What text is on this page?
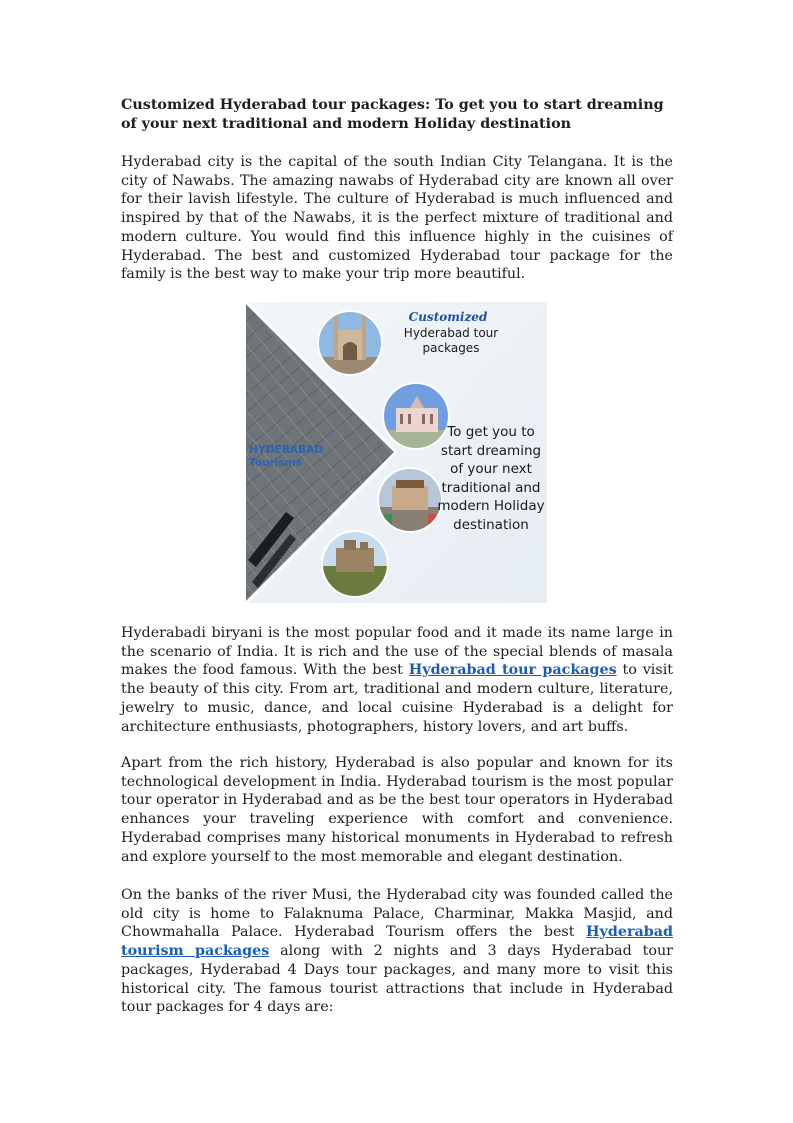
Customized Hyderabad tour packages: To get you to start dreaming of your next traditional and modern Holiday destination
Hyderabad city is the capital of the south Indian City Telangana. It is the city of Nawabs. The amazing nawabs of Hyderabad city are known all over for their lavish lifestyle. The culture of Hyderabad is much influenced and inspired by that of the Nawabs, it is the perfect mixture of traditional and modern culture. You would find this influence highly in the cuisines of Hyderabad. The best and customized Hyderabad tour package for the family is the best way to make your trip more beautiful.
Customized
Hyderabad tour packages
To get you to start dreaming of your next traditional and modern Holiday destination
HYDERABAD Tourisms
Plan your trip with us
Hyderabadi biryani is the most popular food and it made its name large in the scenario of India. It is rich and the use of the special blends of masala makes the food famous. With the best Hyderabad tour packages to visit the beauty of this city. From art, traditional and modern culture, literature, jewelry to music, dance, and local cuisine Hyderabad is a delight for architecture enthusiasts, photographers, history lovers, and art buffs.
Apart from the rich history, Hyderabad is also popular and known for its technological development in India. Hyderabad tourism is the most popular tour operator in Hyderabad and as be the best tour operators in Hyderabad enhances your traveling experience with comfort and convenience. Hyderabad comprises many historical monuments in Hyderabad to refresh and explore yourself to the most memorable and elegant destination.
On the banks of the river Musi, the Hyderabad city was founded called the old city is home to Falaknuma Palace, Charminar, Makka Masjid, and Chowmahalla Palace. Hyderabad Tourism offers the best Hyderabad tourism packages along with 2 nights and 3 days Hyderabad tour packages, Hyderabad 4 Days tour packages, and many more to visit this historical city. The famous tourist attractions that include in Hyderabad tour packages for 4 days are:
